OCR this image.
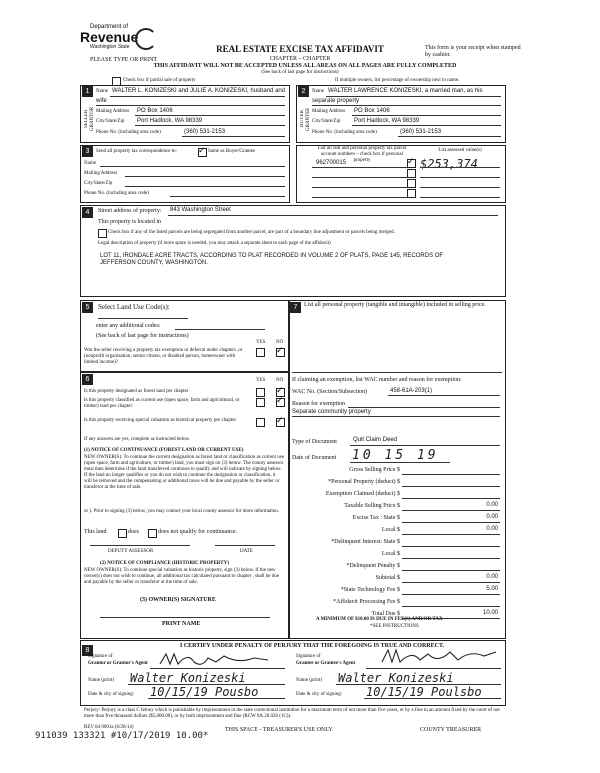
Department of
Revenue
Washington State
PLEASE TYPE OR PRINT
REAL ESTATE EXCISE TAX AFFIDAVIT
CHAPTER – CHAPTER
THIS AFFIDAVIT WILL NOT BE ACCEPTED UNLESS ALL AREAS ON ALL PAGES ARE FULLY COMPLETED
(See back of last page for instructions)
This form is your receipt when stamped by cashier.
Check box if partial sale of property	If multiple owners, list percentage of ownership next to name.
1
SELLER GRANTOR
Name WALTER L. KONIZESKI and JULIE A. KONIZESKI, husband and
wife
Mailing Address PO Box 1406
City/State/Zip Port Hadlock, WA 98339
Phone No. (including area code)	(360) 531-2153
2
BUYER GRANTEE
Name WALTER LAWRENCE KONIZESKI, a married man, as his
separate property
Mailing Address PO Box 1406
City/State/Zip Port Hadlock, WA 98339
Phone No. (including area code)	(360) 531-2153
3	Send all property tax correspondence to:
✓	Same as Buyer/Grantee
Name
Mailing Address
City/State/Zip
Phone No. (including area code)
List all real and personal property tax parcel account numbers – check box if personal property
List assessed value(s)
962700015	$253,374
✓
4	Street address of property: 843 Washington Street
This property is located in
Check box if any of the listed parcels are being segregated from another parcel, are part of a boundary line adjustment or parcels being merged.
Legal description of property (if more space is needed, you may attach a separate sheet to each page of the affidavit)
LOT 11, IRONDALE ACRE TRACTS, ACCORDING TO PLAT RECORDED IN VOLUME 2 OF PLATS, PAGE 145, RECORDS OF
JEFFERSON COUNTY, WASHINGTON.
5	Select Land Use Code(s):
enter any additional codes:
(See back of last page for instructions)
YES NO
Was the seller receiving a property tax exemption or deferral under chapters ,or (nonprofit organization, senior citizen, or disabled person, homeowner with limited income)?
✓
6	YES NO
Is this property designated as forest land per chapter
✓
Is this property classified as current use (open space, farm and agricultural, or timber) land per chapter
✓
Is this property receiving special valuation as historical property per chapter
✓
If any answers are yes, complete as instructed below.
(1) NOTICE OF CONTINUANCE (FOREST LAND OR CURRENT USE)
NEW OWNER(S): To continue the current designation as forest land or classification as current use (open space, farm and agriculture, or timber) land, you must sign on (3) below. The county assessor must then determine if the land transferred continues to qualify and will indicate by signing below. If the land no longer qualifies or you do not wish to continue the designation or classification, it will be removed and the compensating or additional taxes will be due and payable by the seller or transferor at the time of sale.
or ). Prior to signing (3) below, you may contact your local county assessor for more information.
This land	does	does not qualify for continuance.
DEPUTY ASSESSOR	DATE
(2) NOTICE OF COMPLIANCE (HISTORIC PROPERTY)
NEW OWNER(S): To continue special valuation as historic property, sign (3) below. If the new owner(s) does not wish to continue, all additional tax calculated pursuant to chapter , shall be due and payable by the seller or transferor at the time of sale.
(3) OWNER(S) SIGNATURE
PRINT NAME
7	List all personal property (tangible and intangible) included in selling price.
If claiming an exemption, list WAC number and reason for exemption:
WAC No. (Section/Subsection)	458-61A-203(1)
Reason for exemption
Separate community property
Type of Document	Quit Claim Deed
Date of Document 10 15 19
Gross Selling Price $
*Personal Property (deduct) $
Exemption Claimed (deduct) $
Taxable Selling Price $	0.00
Excise Tax : State $	0.00
Local $	0.00
*Delinquent Interest: State $
Local $
*Delinquent Penalty $
Subtotal $	0.00
*State Technology Fee $	5.00
*Affidavit Processing Fee $
Total Due $	10.00
A MINIMUM OF $10.00 IS DUE IN FEE(S) AND/OR TAX
*SEE INSTRUCTIONS
8
I CERTIFY UNDER PENALTY OF PERJURY THAT THE FOREGOING IS TRUE AND CORRECT.
Signature of
Grantor or Grantor's Agent
Name (print) Walter Konizeski
Date & city of signing: 10/15/19 Pousbo
Signature of
Grantee or Grantee's Agent
Name (print) Walter Konizeski
Date & city of signing: 10/15/19 Poulsbo
Perjury: Perjury is a class C felony which is punishable by imprisonment in the state correctional institution for a maximum term of not more than five years, or by a fine in an amount fixed by the court of not more than five thousand dollars ($5,000.00), or by both imprisonment and fine (RCW 9A.20.020 (1C)).
REV 84 0001a (6/26/14)	THIS SPACE - TREASURER'S USE ONLY	COUNTY TREASURER
911039 133321 #10/17/2019 10.00*
